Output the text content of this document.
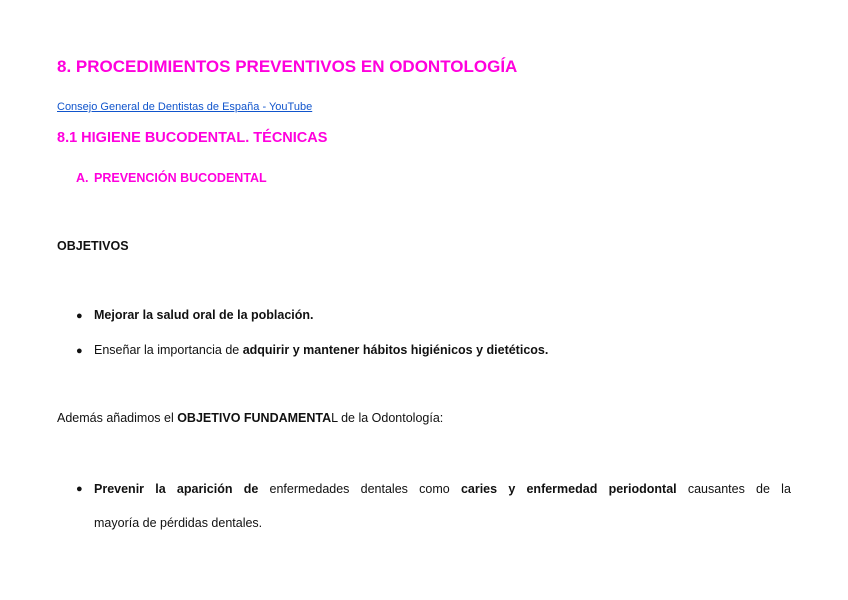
8. PROCEDIMIENTOS PREVENTIVOS EN ODONTOLOGÍA
Consejo General de Dentistas de España - YouTube
8.1 HIGIENE BUCODENTAL. TÉCNICAS
A. PREVENCIÓN BUCODENTAL
OBJETIVOS
● Mejorar la salud oral de la población.
● Enseñar la importancia de adquirir y mantener hábitos higiénicos y dietéticos.
Además añadimos el OBJETIVO FUNDAMENTAL de la Odontología:
● Prevenir la aparición de enfermedades dentales como caries y enfermedad periodontal causantes de la
mayoría de pérdidas dentales.
